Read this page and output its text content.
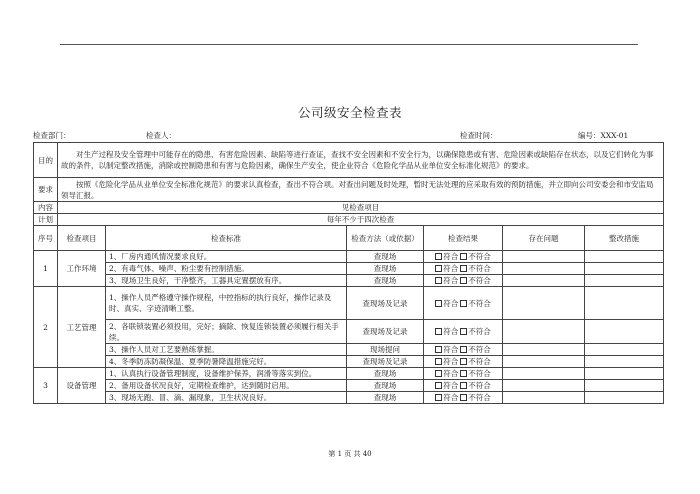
公司级安全检查表
检查部门：	检查人：	检查时间：	编号：XXX-01
目的	对生产过程及安全管理中可能存在的隐患、有害危险因素、缺陷等进行查证，查找不安全因素和不安全行为，以确保隐患或有害、危险因素或缺陷存在状态，以及它们转化为事故的条件，以制定整改措施，消除或控制隐患和有害与危险因素，确保生产安全，使企业符合《危险化学品从业单位安全标准化规范》的要求。					
要求	按照《危险化学品从业单位安全标准化规范》的要求认真检查，查出不符合项。对查出问题及时处理，暂时无法处理的应采取有效的预防措施，并立即向公司安委会和市安监局领导汇报。					
内容	见检查项目					
计划	每年不少于四次检查					
序号	检查项目	检查标准	检查方法（或依据）	检查结果	存在问题	整改措施
1	工作环境	1、厂房内通风情况要求良好。	查现场	符合 不符合		
		2、有毒气体、噪声、粉尘要有控制措施。	查现场	符合 不符合		
		3、现场卫生良好，干净整齐，工器具定置摆放有序。	查现场	符合 不符合		
2	工艺管理	1、操作人员严格遵守操作规程，中控指标的执行良好，操作记录及时、真实、字迹清晰工整。	查现场及记录	符合 不符合		
		2、各联锁装置必须投用，完好；摘除、恢复连锁装置必须履行相关手续。	查现场及记录	符合 不符合		
		3、操作人员对工艺要熟练掌握。	现场提问	符合 不符合		
		4、冬季防冻防凝保温、夏季防暑降温措施完好。	查现场及记录	符合 不符合		
3	设备管理	1、认真执行设备管理制度，设备维护保养，润滑等落实到位。	查现场	符合 不符合		
		2、备用设备状况良好，定期检查维护，达到随时启用。	查现场	符合 不符合		
		3、现场无跑、冒、滴、漏现象，卫生状况良好。	查现场	符合 不符合		
第 1 页 共 40
